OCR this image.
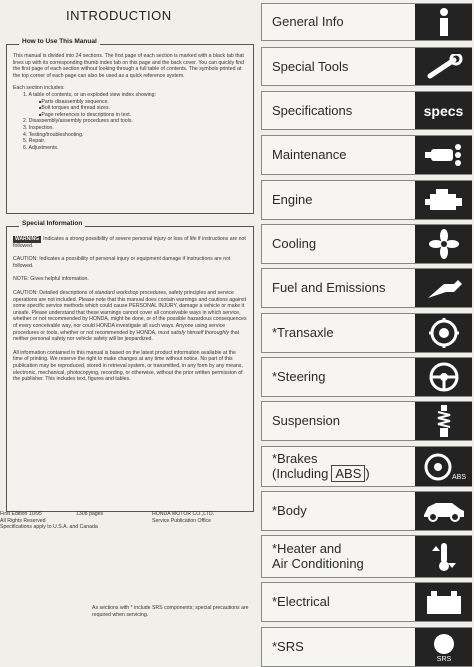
INTRODUCTION
How to Use This Manual

This manual is divided into 24 sections. The first page of each section is marked with a black tab that lines up with its corresponding thumb index tab on this page and the back cover. You can quickly find the first page of each section without looking through a full table of contents. The symbols printed at the top corner of each page can also be used as a quick reference system.

Each section includes:

1. A table of contents, or an exploded view index showing:
■ Parts disassembly sequence.
■ Bolt torques and thread sizes.
■ Page references to descriptions in text.
2. Disassembly/assembly procedures and tools.
3. Inspection.
4. Testing/troubleshooting.
5. Repair.
6. Adjustments.
Special Information

WARNING Indicates a strong possibility of severe personal injury or loss of life if instructions are not followed.

CAUTION: Indicates a possibility of personal injury or equipment damage if instructions are not followed.

NOTE: Gives helpful information.

CAUTION: Detailed descriptions of standard workshop procedures, safety principles and service operations are not included. Please note that this manual does contain warnings and cautions against some specific service methods which could cause PERSONAL INJURY, damage a vehicle or make it unsafe. Please understand that these warnings cannot cover all conceivable ways in which service, whether or not recommended by HONDA, might be done, or of the possible hazardous consequences of every conceivable way, nor could HONDA investigate all such ways. Anyone using service procedures or tools, whether or not recommended by HONDA, must satisfy himself thoroughly that neither personal safety nor vehicle safety will be jeopardized.

All information contained in this manual is based on the latest product information available at the time of printing. We reserve the right to make changes at any time without notice. No part of this publication may be reproduced, stored in retrieval system, or transmitted, in any form by any means, electronic, mechanical, photocopying, recording, or otherwise, without the prior written permission of the publisher. This includes text, figures and tables.

First Edition 10/95
All Rights Reserved
Specifications apply to U.S.A. and Canada
1308 pages	HONDA MOTOR CO.,LTD.
Service Publication Office
As sections with * include SRS components; special precautions are required when servicing.
General Info
Special Tools
Specifications	specs
Maintenance
Engine
Cooling
Fuel and Emissions
*Transaxle
*Steering
Suspension
*Brakes
(Including ABS )	ABS
*Body
*Heater and
Air Conditioning
*Electrical
*SRS
SRS
